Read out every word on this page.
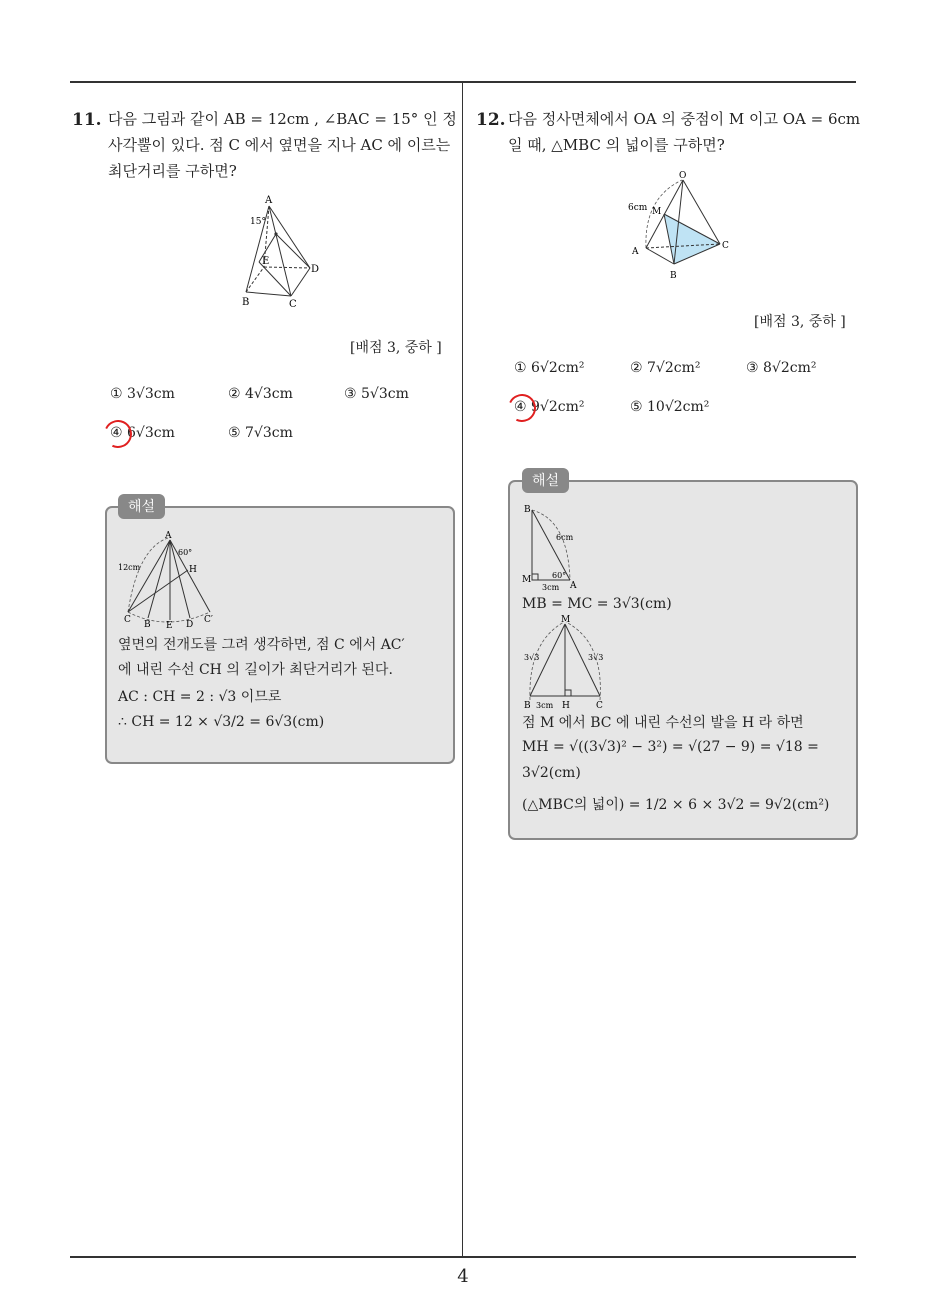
11. 다음 그림과 같이 AB = 12cm , ∠BAC = 15° 인 정
사각뿔이 있다. 점 C 에서 옆면을 지나 AC 에 이르는
최단거리를 구하면?
A
15°
E
D
B	C
[배점 3, 중하 ]
① 3√3cm	② 4√3cm	③ 5√3cm
④ 6√3cm	⑤ 7√3cm
해설
A
60°
12cm	H
C B E D C′
옆면의 전개도를 그려 생각하면, 점 C 에서 AC′
에 내린 수선 CH 의 길이가 최단거리가 된다.
AC : CH = 2 : √3 이므로
∴ CH = 12 × √3/2 = 6√3(cm)
12. 다음 정사면체에서 OA 의 중점이 M 이고 OA = 6cm
일 때, △MBC 의 넓이를 구하면?
O
6cm M
A
C
B
[배점 3, 중하 ]
① 6√2cm²	② 7√2cm²	③ 8√2cm²
④ 9√2cm²	⑤ 10√2cm²
해설
B
6cm
M	60°
A
3cm
MB = MC = 3√3(cm)
M
3√3	3√3
B 3cm H	C
점 M 에서 BC 에 내린 수선의 발을 H 라 하면
MH = √((3√3)² − 3²) = √(27 − 9) = √18 =
3√2(cm)
(△MBC의 넓이) = 1/2 × 6 × 3√2 = 9√2(cm²)
4
